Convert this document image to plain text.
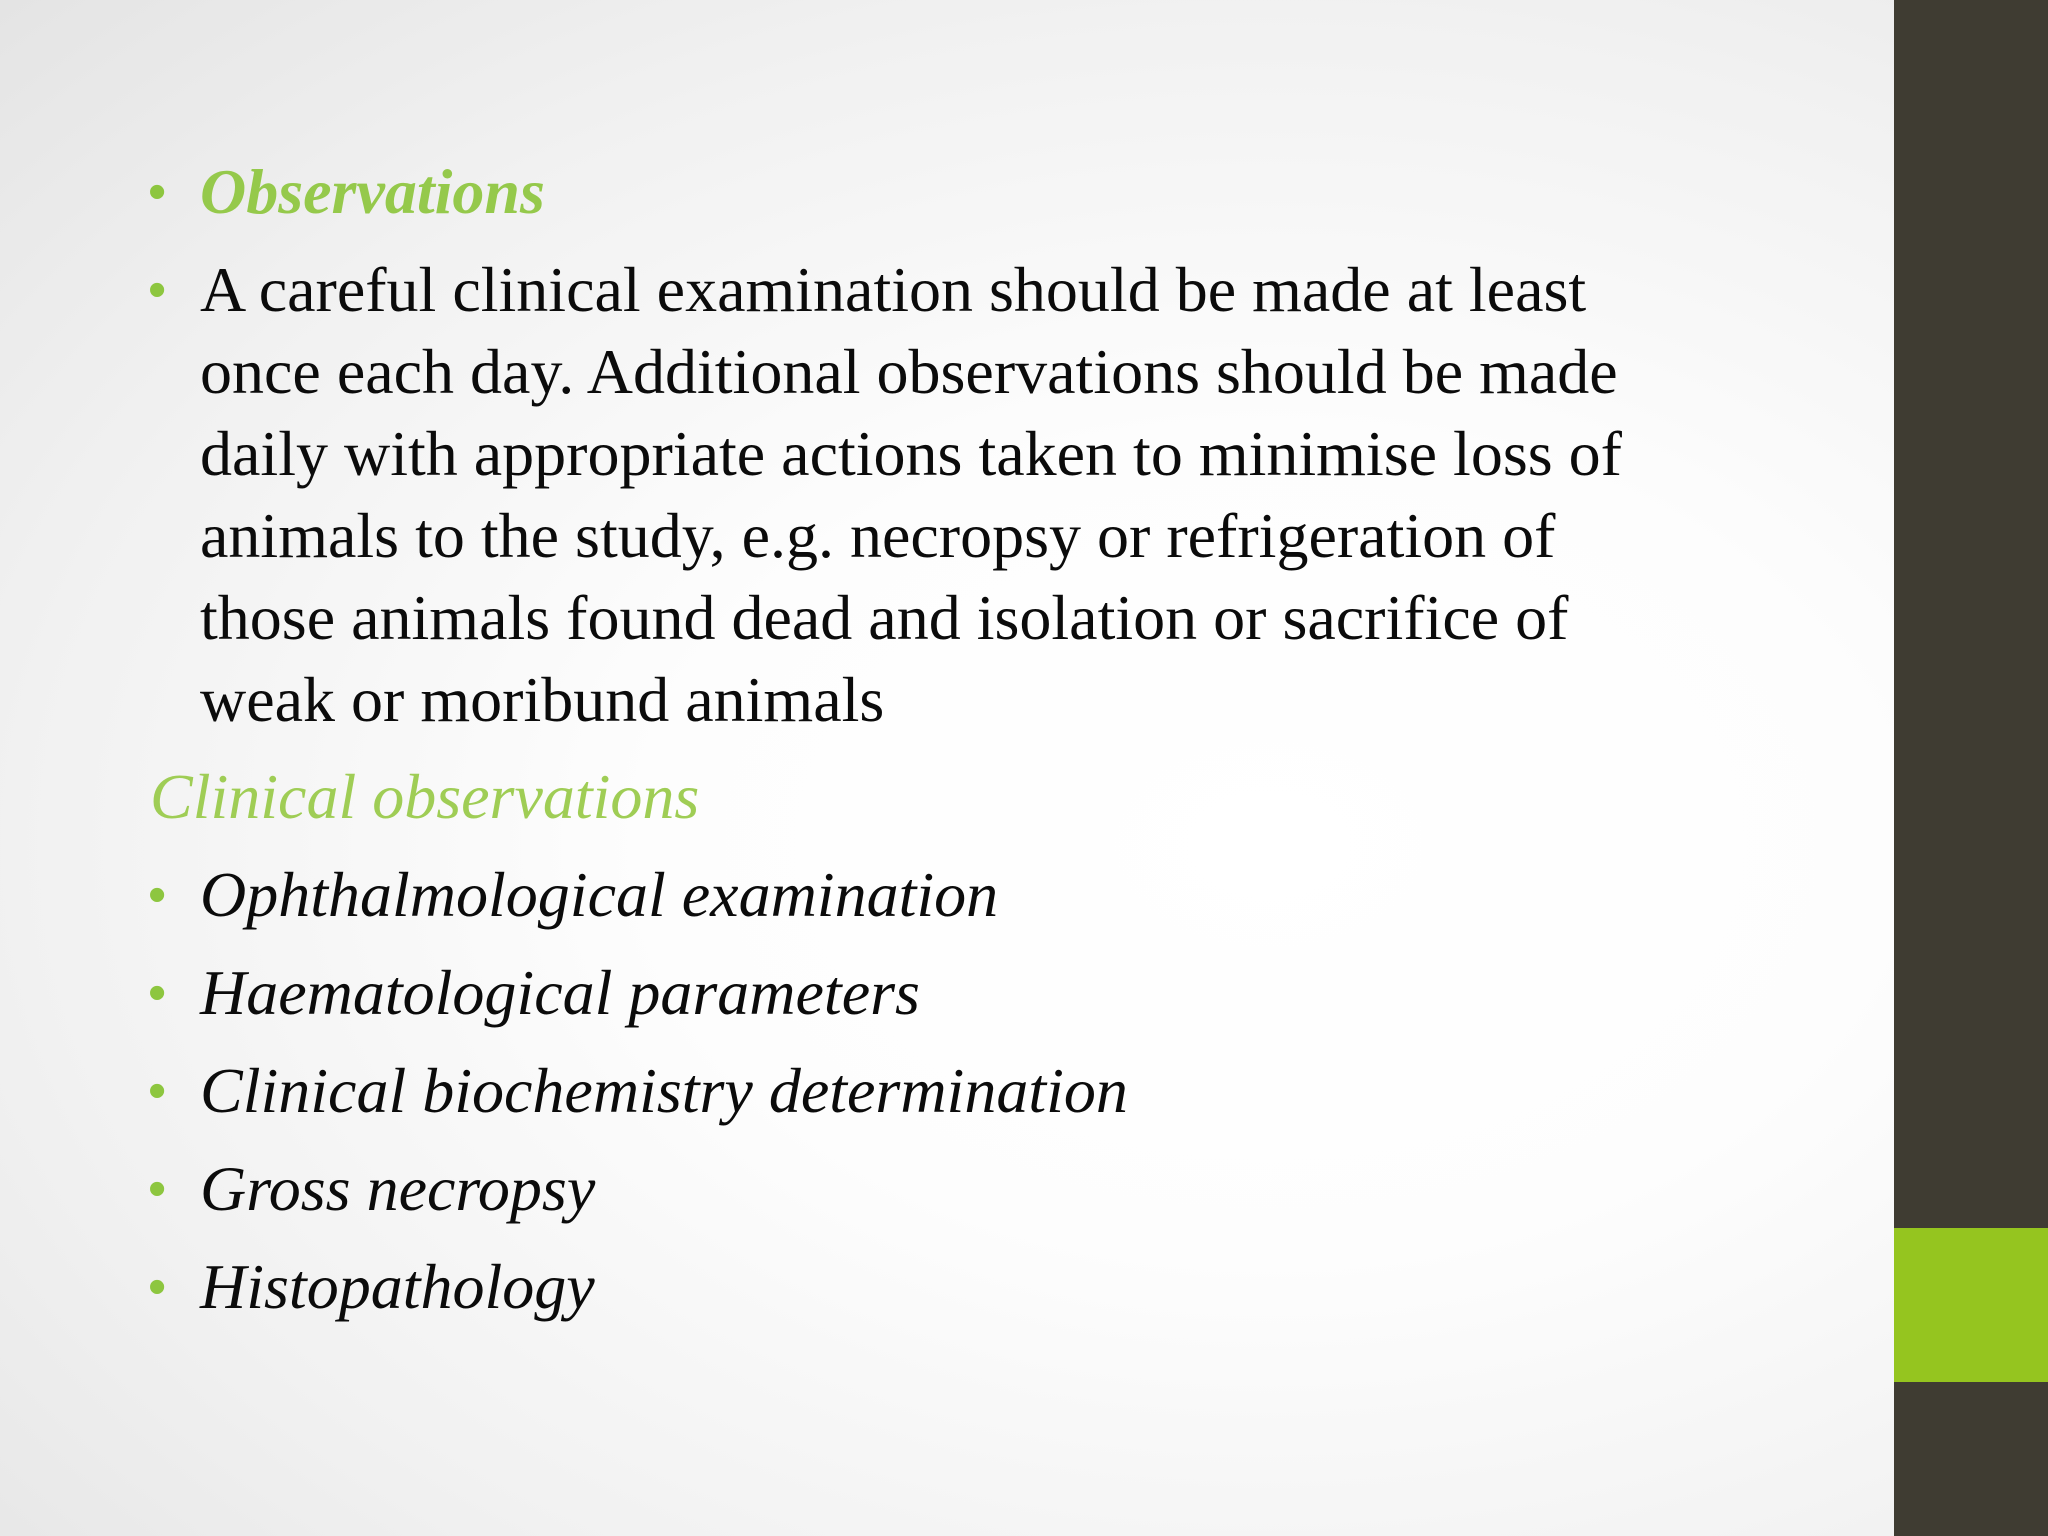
• Observations
• A careful clinical examination should be made at least
once each day. Additional observations should be made
daily with appropriate actions taken to minimise loss of
animals to the study, e.g. necropsy or refrigeration of
those animals found dead and isolation or sacrifice of
weak or moribund animals
Clinical observations
• Ophthalmological examination
• Haematological parameters
• Clinical biochemistry determination
• Gross necropsy
• Histopathology
